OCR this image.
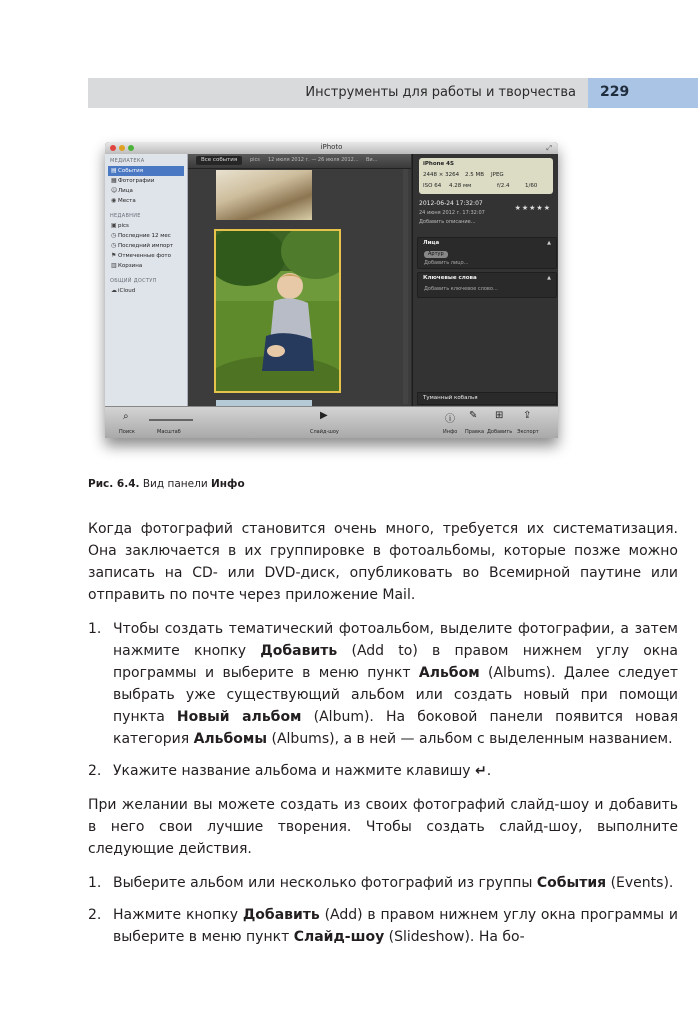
Инструменты для работы и творчества 229
iPhoto	⤢
МЕДИАТЕКА
▤События
▦Фотографии
☺Лица
◉ Места
НЕДАВНИЕ
▣pics
◷ Последние 12 мес
◷ Последний импорт
⚑ Отмеченные фото
▥Корзина
ОБЩИЙ ДОСТУП
☁iCloud
Все события	pics 12 июля 2012 г. — 26 июля 2012... Ви...
iPhone 4S
2448 × 3264 2.5 MB JPEG
ISO 64 4.28 мм	f/2.4	1/60
2012-06-24 17:32:07
★★★★★
24 июня 2012 г. 17:32:07
Добавить описание...
Лица	▲
Артур
Добавить лицо...
Ключевые слова	▲
Добавить ключевое слово...
Туманный кобалья
⌕
Поиск	Масштаб
▶
Слайд-шоу
ⓘ
Инфо
✎
Правка
⊞
Добавить
⇪
Экспорт
Рис. 6.4. Вид панели Инфо

Когда фотографий становится очень много, требуется их систематизация. Она заключается в их группировке в фотоальбомы, которые позже можно записать на CD- или DVD-диск, опубликовать во Всемирной паутине или отправить по почте через приложение Mail.

1. Чтобы создать тематический фотоальбом, выделите фотографии, а затем нажмите кнопку Добавить (Add to) в правом нижнем углу окна программы и выберите в меню пункт Альбом (Albums). Далее следует выбрать уже существующий альбом или создать новый при помощи пункта Новый альбом (Album). На боковой панели появится новая категория Альбомы (Albums), а в ней — альбом с выделенным названием.
2. Укажите название альбома и нажмите клавишу ↵.

При желании вы можете создать из своих фотографий слайд-шоу и добавить в него свои лучшие творения. Чтобы создать слайд-шоу, выполните следующие действия.

1. Выберите альбом или несколько фотографий из группы События (Events).
2. Нажмите кнопку Добавить (Add) в правом нижнем углу окна программы и выберите в меню пункт Слайд-шоу (Slideshow). На бо-
